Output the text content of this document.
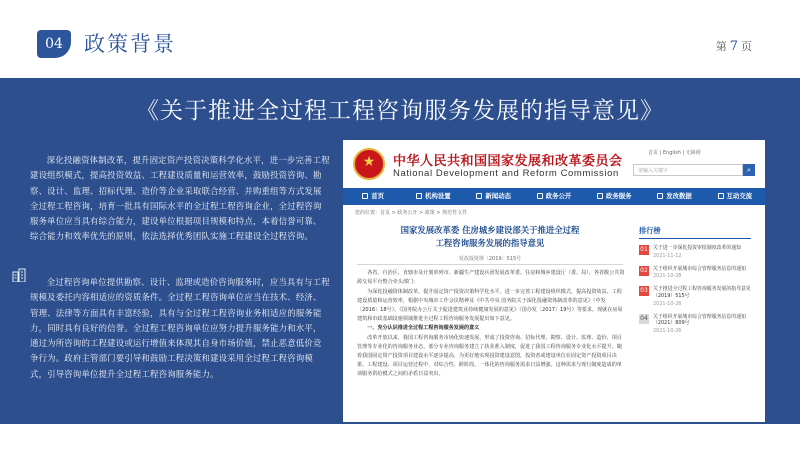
04	政策背景	第 7 页
《关于推进全过程工程咨询服务发展的指导意见》
深化投融资体制改革，提升固定资产投资决策科学化水平，进一步完善工程建设组织模式，提高投资效益、工程建设质量和运营效率，鼓励投资咨询、勘察、设计、监理、招标代理、造价等企业采取联合经营、并购重组等方式发展全过程工程咨询，培育一批具有国际水平的全过程工程咨询企业，全过程咨询服务单位应当具有综合能力，建设单位根据项目规模和特点，本着信誉可靠、综合能力和效率优先的原则，依法选择优秀团队实施工程建设全过程咨询。
全过程咨询单位提供勘察、设计、监理或造价咨询服务时，应当具有与工程规模及委托内容相适应的资质条件。全过程工程咨询单位应当在技术、经济、管理、法律等方面具有丰富经验，具有与全过程工程咨询业务相适应的服务能力，同时具有良好的信誉。全过程工程咨询单位应努力提升服务能力和水平，通过为所咨询的工程建设或运行增值来体现其自身市场价值，禁止恶意低价竞争行为。政府主管部门要引导和鼓励工程决策和建设采用全过程工程咨询模式，引导咨询单位提升全过程工程咨询服务能力。
★
中华人民共和国国家发展和改革委员会
National Development and Reform Commission
首页 | English | 无障碍
请输入关键字	⌕
首页	机构设置	新闻动态	政务公开	政务服务	发改数据	互动交流
您的位置：首页 > 政务公开 > 政策 > 规范性文件
国家发展改革委 住房城乡建设部关于推进全过程
工程咨询服务发展的指导意见
发改投资规〔2019〕515号

各省、自治区、直辖市及计划单列市、新疆生产建设兵团发展改革委、住房和城乡建设厅（委、局），各省级公共资源交易平台整合牵头部门：

为深化投融资体制改革，提升固定资产投资决策科学化水平，进一步完善工程建设组织模式，提高投资效益、工程建设质量和运营效率，根据中央城市工作会议精神及《中共中央 国务院关于深化投融资体制改革的意见》（中发〔2016〕18号）、《国务院办公厅关于促进建筑业持续健康发展的意见》（国办发〔2017〕19号）等要求，现就在房屋建筑和市政基础设施领域推进全过程工程咨询服务发展提出如下意见。

一、充分认识推进全过程工程咨询服务发展的意义

改革开放以来，我国工程咨询服务市场化快速发展，形成了投资咨询、招标代理、勘察、设计、监理、造价、项目管理等专业化的咨询服务业态，部分专业咨询服务建立了执业准入制度，促进了我国工程咨询服务专业化水平提升。随着我国固定资产投资项目建设水平逐步提高，为更好地实现投资建设意图，投资者或建设单位在固定资产投资项目决策、工程建设、项目运营过程中，对综合性、跨阶段、一体化的咨询服务需求日益增强。这种需求与现行制度造成的单项服务供给模式之间的矛盾日益突出。

排行榜
01 关于进一步深化投资审批制度改革的通知
2021-11-12
02 关于组织开展城市综合管理服务信息的通知
2021-10-28
03 关于推进全过程工程咨询服务发展的指导意见（2019）515号
2021-10-26
04 关于组织开展城市综合管理服务信息的通知（2021）809号
2021-10-26
